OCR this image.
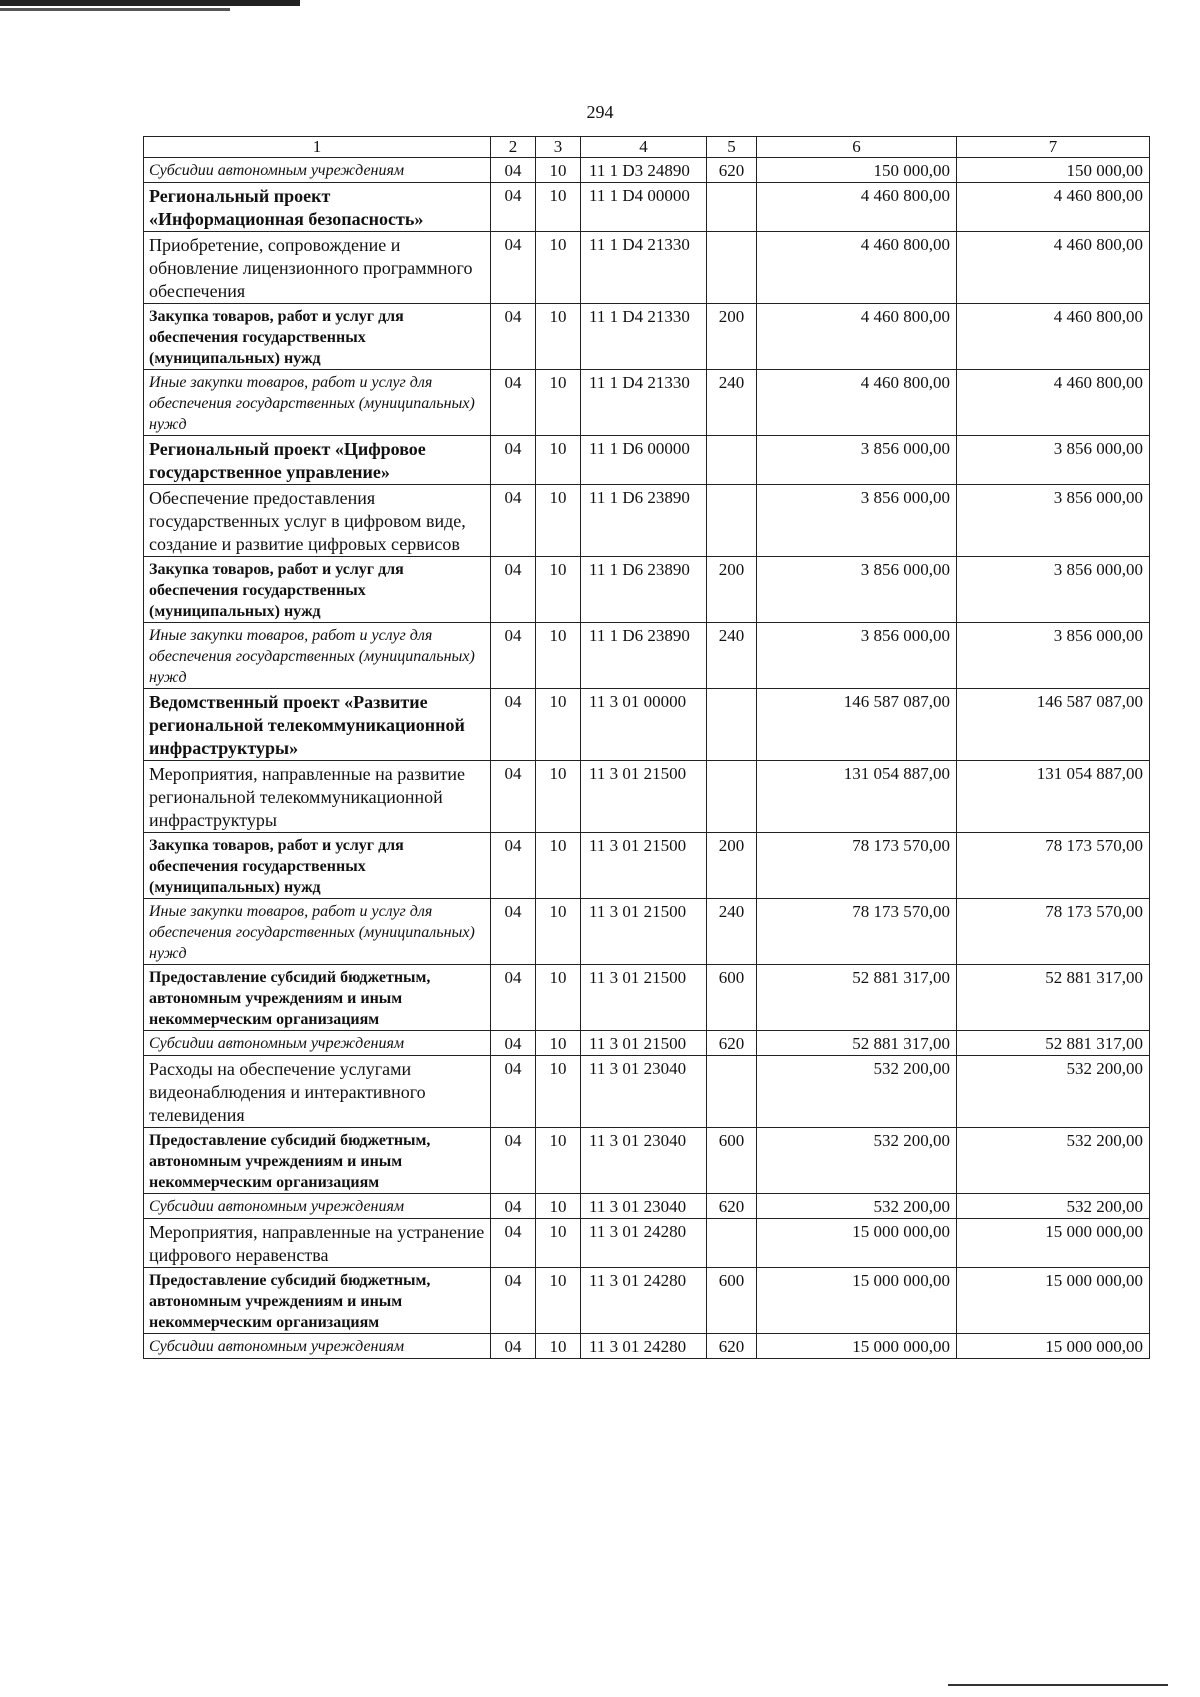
294
1	2	3	4	5	6	7
Субсидии автономным учреждениям	04	10	11 1 D3 24890	620	150 000,00	150 000,00
Региональный проект «Информационная безопасность»	04	10	11 1 D4 00000		4 460 800,00	4 460 800,00
Приобретение, сопровождение и обновление лицензионного программного обеспечения	04	10	11 1 D4 21330		4 460 800,00	4 460 800,00
Закупка товаров, работ и услуг для обеспечения государственных (муниципальных) нужд	04	10	11 1 D4 21330	200	4 460 800,00	4 460 800,00
Иные закупки товаров, работ и услуг для обеспечения государственных (муниципальных) нужд	04	10	11 1 D4 21330	240	4 460 800,00	4 460 800,00
Региональный проект «Цифровое государственное управление»	04	10	11 1 D6 00000		3 856 000,00	3 856 000,00
Обеспечение предоставления государственных услуг в цифровом виде, создание и развитие цифровых сервисов	04	10	11 1 D6 23890		3 856 000,00	3 856 000,00
Закупка товаров, работ и услуг для обеспечения государственных (муниципальных) нужд	04	10	11 1 D6 23890	200	3 856 000,00	3 856 000,00
Иные закупки товаров, работ и услуг для обеспечения государственных (муниципальных) нужд	04	10	11 1 D6 23890	240	3 856 000,00	3 856 000,00
Ведомственный проект «Развитие региональной телекоммуникационной инфраструктуры»	04	10	11 3 01 00000		146 587 087,00	146 587 087,00
Мероприятия, направленные на развитие региональной телекоммуникационной инфраструктуры	04	10	11 3 01 21500		131 054 887,00	131 054 887,00
Закупка товаров, работ и услуг для обеспечения государственных (муниципальных) нужд	04	10	11 3 01 21500	200	78 173 570,00	78 173 570,00
Иные закупки товаров, работ и услуг для обеспечения государственных (муниципальных) нужд	04	10	11 3 01 21500	240	78 173 570,00	78 173 570,00
Предоставление субсидий бюджетным, автономным учреждениям и иным некоммерческим организациям	04	10	11 3 01 21500	600	52 881 317,00	52 881 317,00
Субсидии автономным учреждениям	04	10	11 3 01 21500	620	52 881 317,00	52 881 317,00
Расходы на обеспечение услугами видеонаблюдения и интерактивного телевидения	04	10	11 3 01 23040		532 200,00	532 200,00
Предоставление субсидий бюджетным, автономным учреждениям и иным некоммерческим организациям	04	10	11 3 01 23040	600	532 200,00	532 200,00
Субсидии автономным учреждениям	04	10	11 3 01 23040	620	532 200,00	532 200,00
Мероприятия, направленные на устранение цифрового неравенства	04	10	11 3 01 24280		15 000 000,00	15 000 000,00
Предоставление субсидий бюджетным, автономным учреждениям и иным некоммерческим организациям	04	10	11 3 01 24280	600	15 000 000,00	15 000 000,00
Субсидии автономным учреждениям	04	10	11 3 01 24280	620	15 000 000,00	15 000 000,00
